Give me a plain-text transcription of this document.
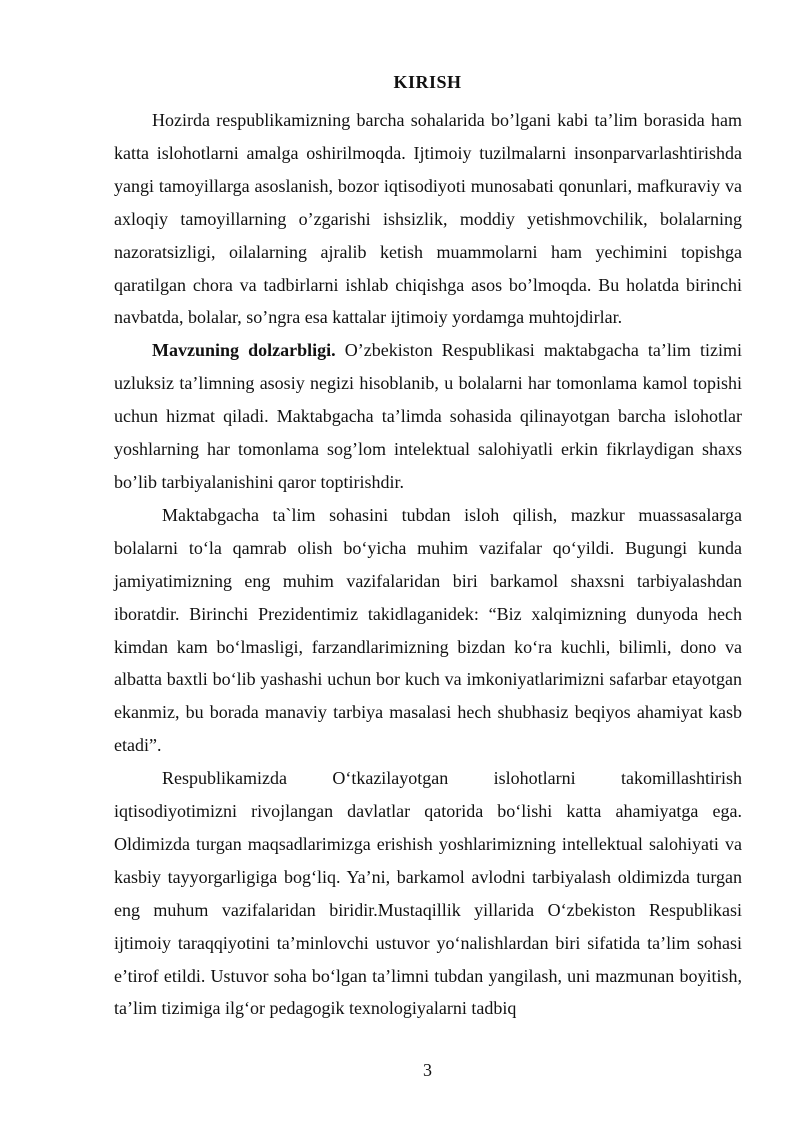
KIRISH

Hozirda respublikamizning barcha sohalarida bo’lgani kabi ta’lim borasida ham katta islohotlarni amalga oshirilmoqda. Ijtimoiy tuzilmalarni insonparvarlashtirishda yangi tamoyillarga asoslanish, bozor iqtisodiyoti munosabati qonunlari, mafkuraviy va axloqiy tamoyillarning o’zgarishi ishsizlik, moddiy yetishmovchilik, bolalarning nazoratsizligi, oilalarning ajralib ketish muammolarni ham yechimini topishga qaratilgan chora va tadbirlarni ishlab chiqishga asos bo’lmoqda. Bu holatda birinchi navbatda, bolalar, so’ngra esa kattalar ijtimoiy yordamga muhtojdirlar.

Mavzuning dolzarbligi. O’zbekiston Respublikasi maktabgacha ta’lim tizimi uzluksiz ta’limning asosiy negizi hisoblanib, u bolalarni har tomonlama kamol topishi uchun hizmat qiladi. Maktabgacha ta’limda sohasida qilinayotgan barcha islohotlar yoshlarning har tomonlama sog’lom intelektual salohiyatli erkin fikrlaydigan shaxs bo’lib tarbiyalanishini qaror toptirishdir.

Maktabgacha ta`lim sohasini tubdan isloh qilish, mazkur muassasalarga bolalarni to‘la qamrab olish bo‘yicha muhim vazifalar qo‘yildi. Bugungi kunda jamiyatimizning eng muhim vazifalaridan biri barkamol shaxsni tarbiyalashdan iboratdir. Birinchi Prezidentimiz takidlaganidek: “Biz xalqimizning dunyoda hech kimdan kam bo‘lmasligi, farzandlarimizning bizdan ko‘ra kuchli, bilimli, dono va albatta baxtli bo‘lib yashashi uchun bor kuch va imkoniyatlarimizni safarbar etayotgan ekanmiz, bu borada manaviy tarbiya masalasi hech shubhasiz beqiyos ahamiyat kasb etadi”.

Respublikamizda O‘tkazilayotgan islohotlarni takomillashtirish iqtisodiyotimizni rivojlangan davlatlar qatorida bo‘lishi katta ahamiyatga ega. Oldimizda turgan maqsadlarimizga erishish yoshlarimizning intellektual salohiyati va kasbiy tayyorgarligiga bog‘liq. Ya’ni, barkamol avlodni tarbiyalash oldimizda turgan eng muhum vazifalaridan biridir.Mustaqillik yillarida O‘zbekiston Respublikasi ijtimoiy taraqqiyotini ta’minlovchi ustuvor yo‘nalishlardan biri sifatida ta’lim sohasi e’tirof etildi. Ustuvor soha bo‘lgan ta’limni tubdan yangilash, uni mazmunan boyitish, ta’lim tizimiga ilg‘or pedagogik texnologiyalarni tadbiq

3
